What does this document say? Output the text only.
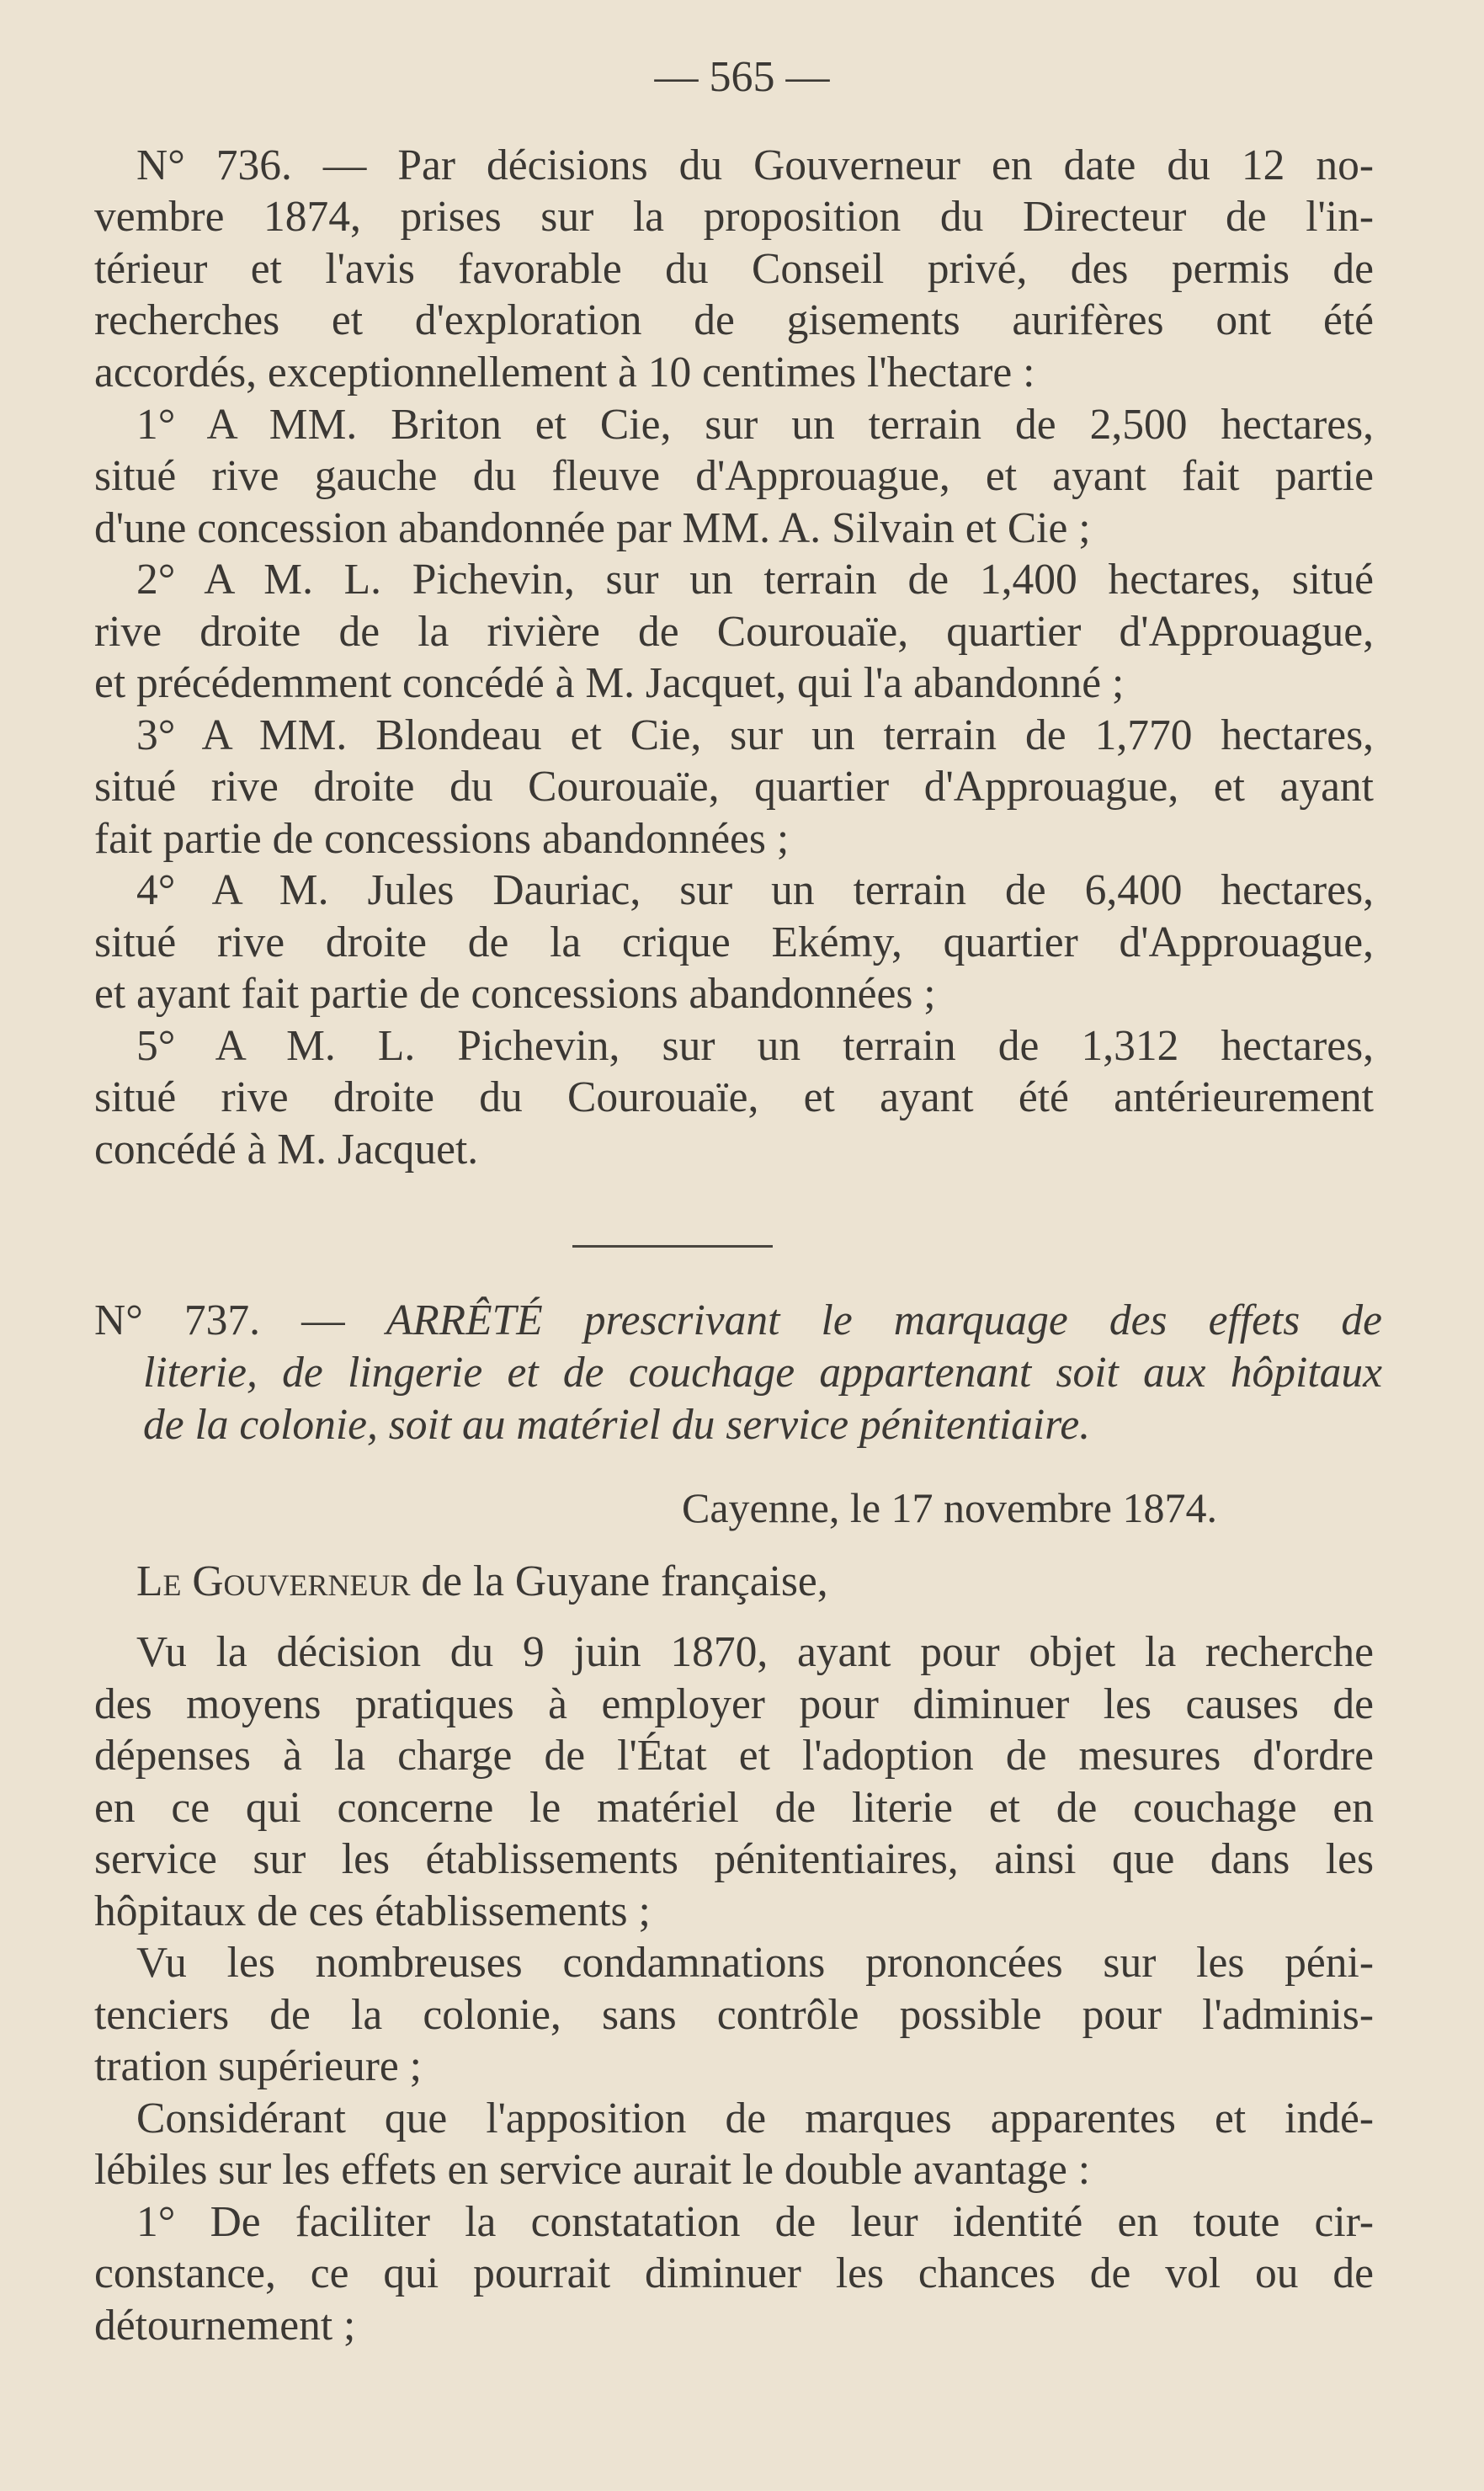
— 565 —
N° 736. — Par décisions du Gouverneur en date du 12 no-
vembre 1874, prises sur la proposition du Directeur de l'in-
térieur et l'avis favorable du Conseil privé, des permis de
recherches et d'exploration de gisements aurifères ont été
accordés, exceptionnellement à 10 centimes l'hectare :
1° A MM. Briton et Cie, sur un terrain de 2,500 hectares,
situé rive gauche du fleuve d'Approuague, et ayant fait partie
d'une concession abandonnée par MM. A. Silvain et Cie ;
2° A M. L. Pichevin, sur un terrain de 1,400 hectares, situé
rive droite de la rivière de Courouaïe, quartier d'Approuague,
et précédemment concédé à M. Jacquet, qui l'a abandonné ;
3° A MM. Blondeau et Cie, sur un terrain de 1,770 hectares,
situé rive droite du Courouaïe, quartier d'Approuague, et ayant
fait partie de concessions abandonnées ;
4° A M. Jules Dauriac, sur un terrain de 6,400 hectares,
situé rive droite de la crique Ekémy, quartier d'Approuague,
et ayant fait partie de concessions abandonnées ;
5° A M. L. Pichevin, sur un terrain de 1,312 hectares,
situé rive droite du Courouaïe, et ayant été antérieurement
concédé à M. Jacquet.
N° 737. — ARRÊTÉ prescrivant le marquage des effets de
literie, de lingerie et de couchage appartenant soit aux hôpitaux
de la colonie, soit au matériel du service pénitentiaire.
Cayenne, le 17 novembre 1874.
Le Gouverneur de la Guyane française,
Vu la décision du 9 juin 1870, ayant pour objet la recherche
des moyens pratiques à employer pour diminuer les causes de
dépenses à la charge de l'État et l'adoption de mesures d'ordre
en ce qui concerne le matériel de literie et de couchage en
service sur les établissements pénitentiaires, ainsi que dans les
hôpitaux de ces établissements ;
Vu les nombreuses condamnations prononcées sur les péni-
tenciers de la colonie, sans contrôle possible pour l'adminis-
tration supérieure ;
Considérant que l'apposition de marques apparentes et indé-
lébiles sur les effets en service aurait le double avantage :
1° De faciliter la constatation de leur identité en toute cir-
constance, ce qui pourrait diminuer les chances de vol ou de
détournement ;
